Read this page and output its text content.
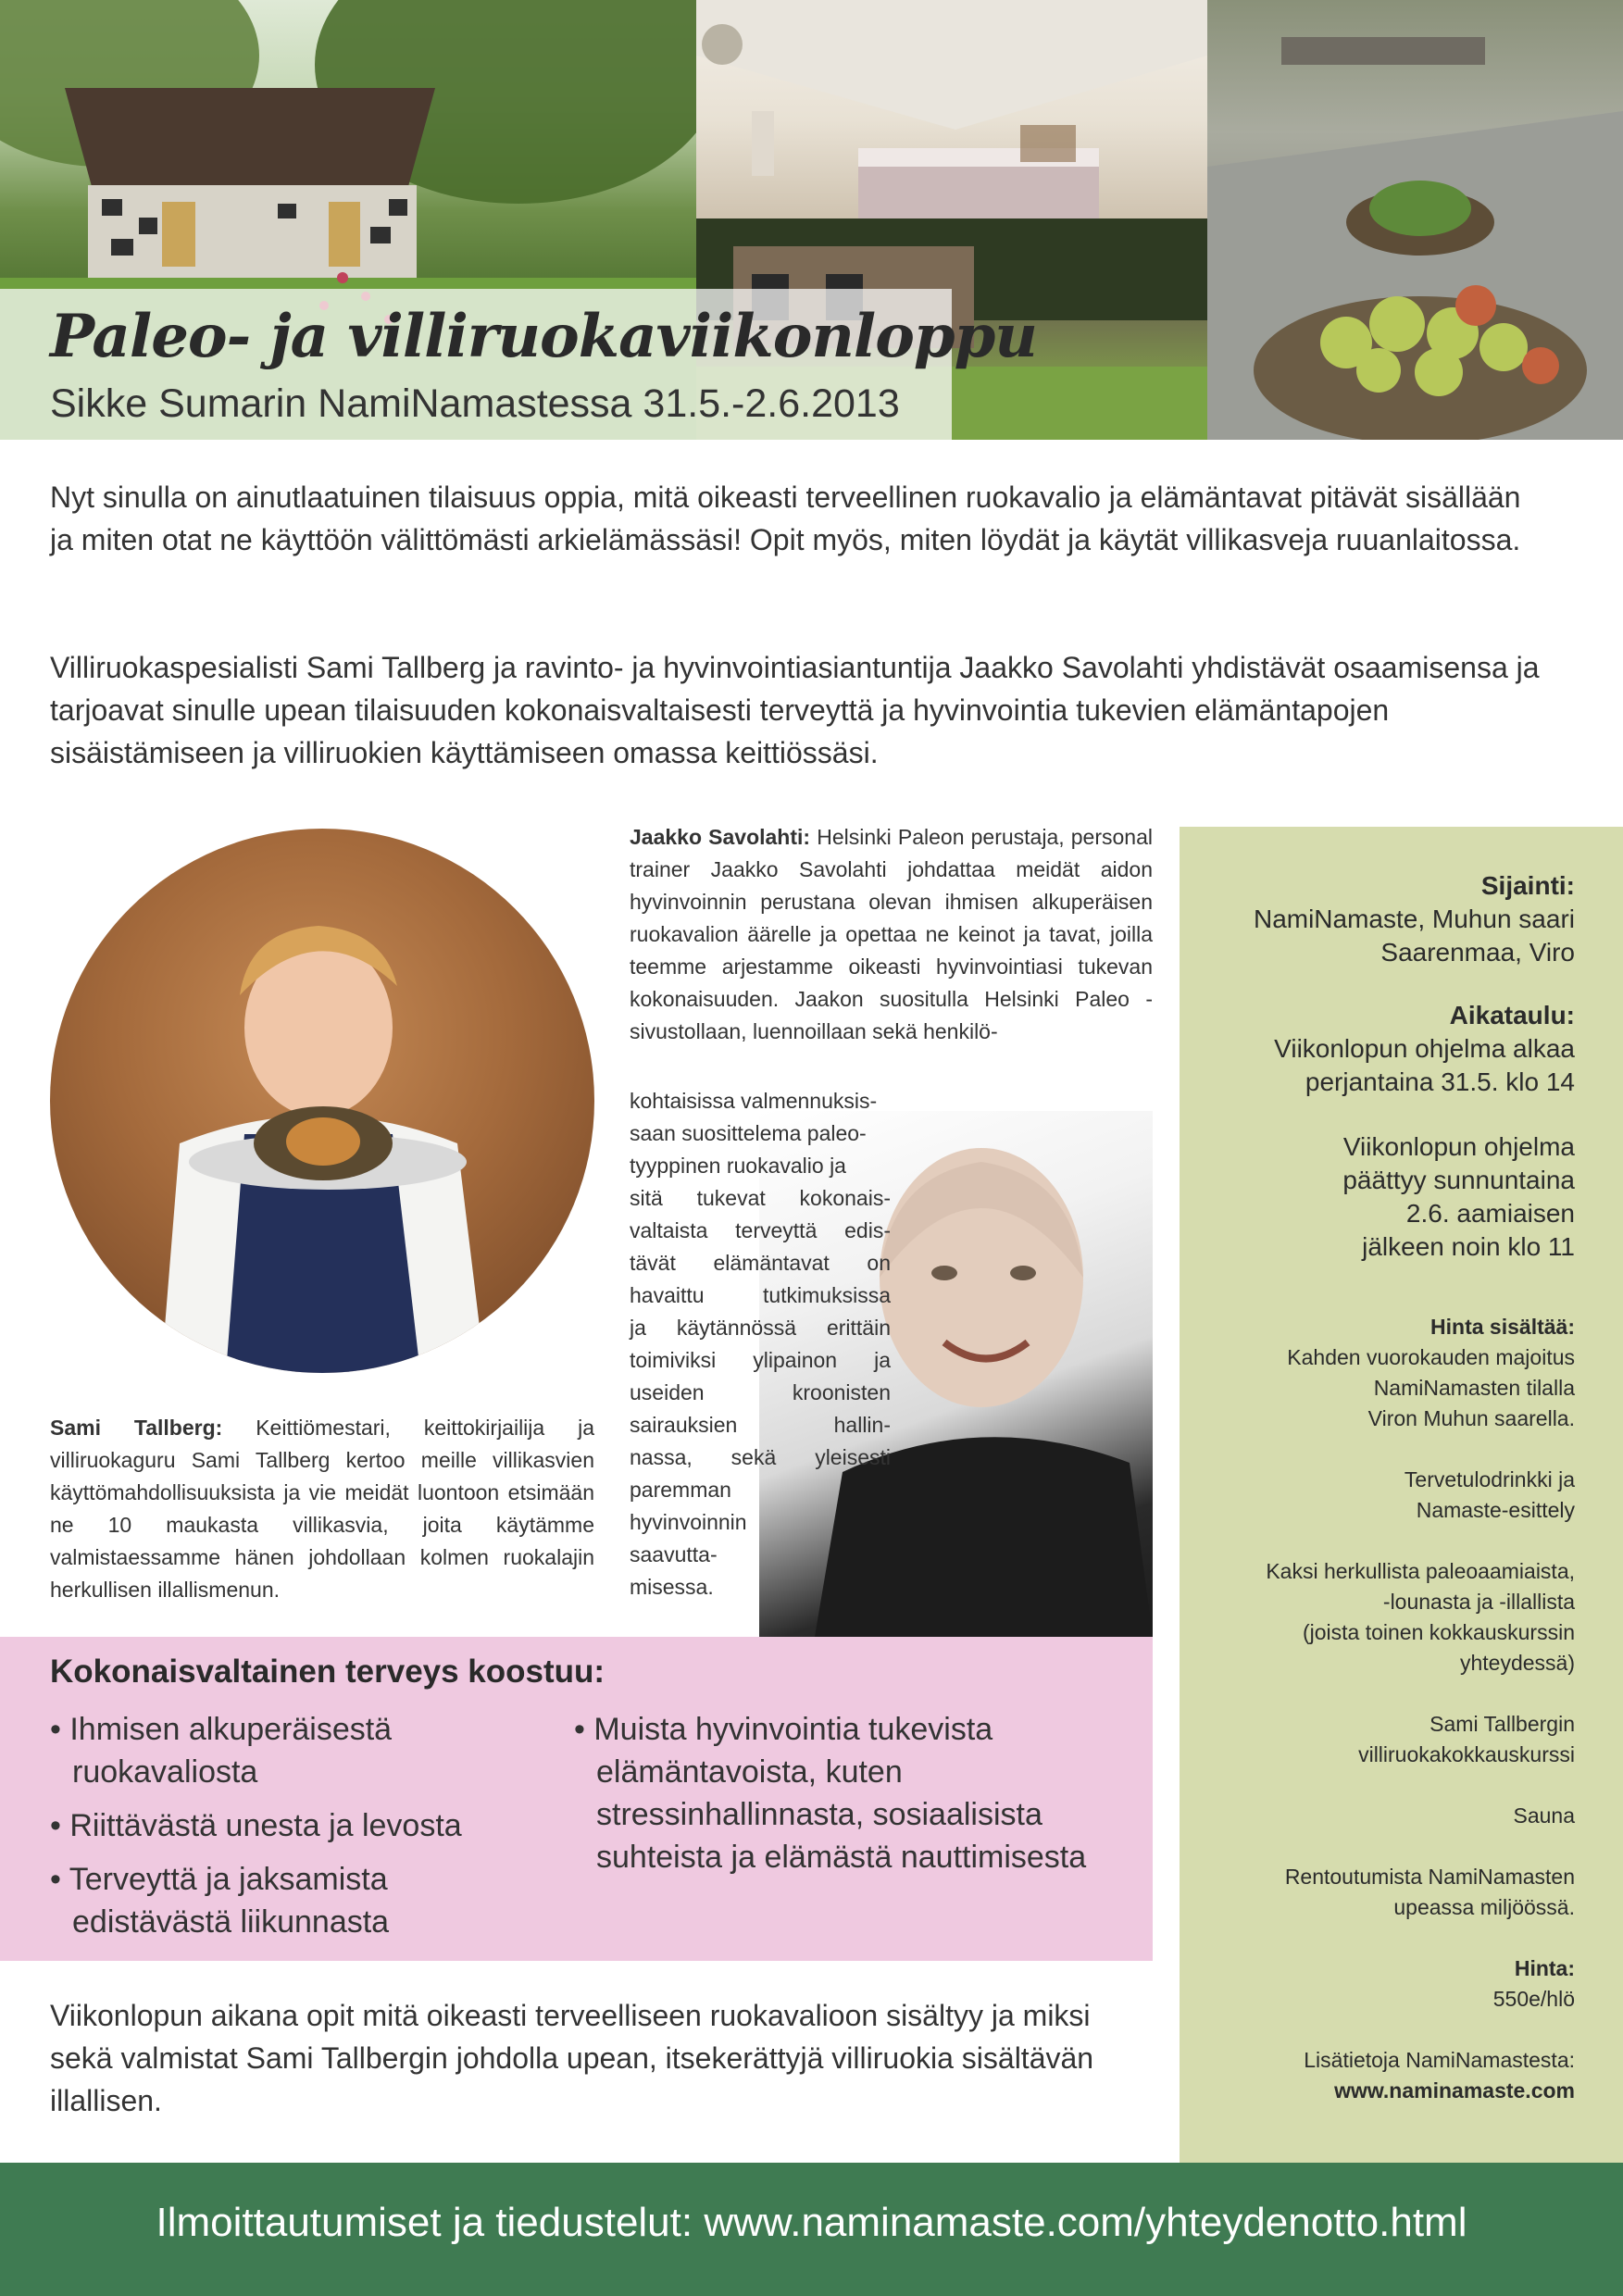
Paleo- ja villiruokaviikonloppu
Sikke Sumarin NamiNamastessa 31.5.-2.6.2013
Nyt sinulla on ainutlaatuinen tilaisuus oppia, mitä oikeasti terveellinen ruokavalio ja elämäntavat pitävät sisällään ja miten otat ne käyttöön välittömästi arkielämässäsi! Opit myös, miten löydät ja käytät villikasveja ruuanlaitossa.
Villiruokaspesialisti Sami Tallberg ja ravinto- ja hyvinvointiasiantuntija Jaakko Savolahti yhdistävät osaamisensa ja tarjoavat sinulle upean tilaisuuden kokonaisvaltaisesti terveyttä ja hyvinvointia tukevien elämäntapojen sisäistämiseen ja villiruokien käyttämiseen omassa keittiössäsi.
Jaakko Savolahti: Helsinki Paleon perustaja, personal trainer Jaakko Savolahti johdattaa meidät aidon hyvinvoinnin perustana olevan ihmisen alkuperäisen ruokavalion äärelle ja opettaa ne keinot ja tavat, joilla teemme arjestamme oikeasti hyvinvointiasi tukevan kokonaisuuden. Jaakon suositulla Helsinki Paleo -sivustollaan, luennoillaan sekä henkilö-
kohtaisissa valmennuksis-
saan suosittelema paleo-
tyyppinen ruokavalio ja
sitä tukevat kokonais-
valtaista terveyttä edis-
tävät elämäntavat on
havaittu tutkimuksissa
ja käytännössä erittäin
toimiviksi ylipainon ja
useiden kroonisten
sairauksien hallin-
nassa, sekä yleisesti
paremman
hyvinvoinnin
saavutta-
misessa.
Sami Tallberg: Keittiömestari, keittokirjailija ja villiruokaguru Sami Tallberg kertoo meille villikasvien käyttömahdollisuuksista ja vie meidät luontoon etsimään ne 10 maukasta villikasvia, joita käytämme valmistaessamme hänen johdollaan kolmen ruokalajin herkullisen illallismenun.
Kokonaisvaltainen terveys koostuu:
• Ihmisen alkuperäisestä ruokavaliosta
• Riittävästä unesta ja levosta
• Terveyttä ja jaksamista edistävästä liikunnasta
• Muista hyvinvointia tukevista elämäntavoista, kuten stressinhallinnasta, sosiaalisista suhteista ja elämästä nauttimisesta
Viikonlopun aikana opit mitä oikeasti terveelliseen ruokavalioon sisältyy ja miksi sekä valmistat Sami Tallbergin johdolla upean, itsekerättyjä villiruokia sisältävän illallisen.
Sijainti:
NamiNamaste, Muhun saari
Saarenmaa, Viro
Aikataulu:
Viikonlopun ohjelma alkaa
perjantaina 31.5. klo 14

Viikonlopun ohjelma
päättyy sunnuntaina
2.6. aamiaisen
jälkeen noin klo 11
Hinta sisältää:
Kahden vuorokauden majoitus
NamiNamasten tilalla
Viron Muhun saarella.

Tervetulodrinkki ja
Namaste-esittely

Kaksi herkullista paleoaamiaista,
-lounasta ja -illallista
(joista toinen kokkauskurssin
yhteydessä)

Sami Tallbergin
villiruokakokkauskurssi

Sauna

Rentoutumista NamiNamasten
upeassa miljöössä.

Hinta:
550e/hlö

Lisätietoja NamiNamastesta:
www.naminamaste.com
Ilmoittautumiset ja tiedustelut: www.naminamaste.com/yhteydenotto.html
